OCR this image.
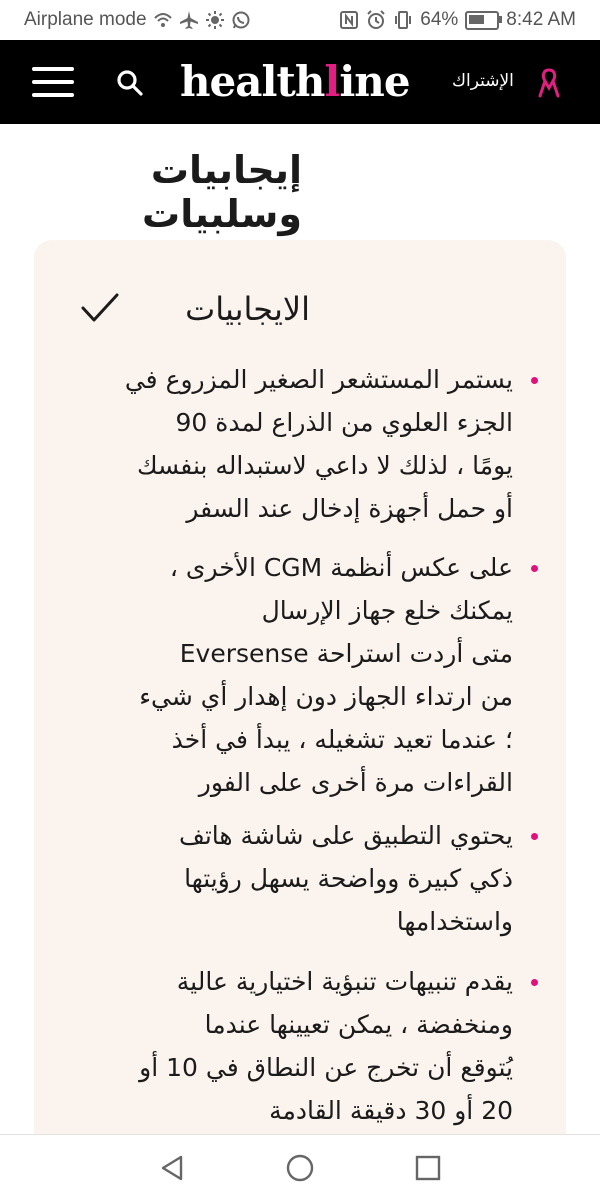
Airplane mode	64%	8:42 AM
healthline الإشتراك
إيجابيات وسلبيات
الايجابيات
يستمر المستشعر الصغير المزروع في
الجزء العلوي من الذراع لمدة 90
يومًا ، لذلك لا داعي لاستبداله بنفسك
أو حمل أجهزة إدخال عند السفر
على عكس أنظمة CGM الأخرى ،
يمكنك خلع جهاز الإرسال
متى أردت استراحة Eversense
من ارتداء الجهاز دون إهدار أي شيء
؛ عندما تعيد تشغيله ، يبدأ في أخذ
القراءات مرة أخرى على الفور
يحتوي التطبيق على شاشة هاتف
ذكي كبيرة وواضحة يسهل رؤيتها
واستخدامها
يقدم تنبيهات تنبؤية اختيارية عالية
ومنخفضة ، يمكن تعيينها عندما
يُتوقع أن تخرج عن النطاق في 10 أو
20 أو 30 دقيقة القادمة
